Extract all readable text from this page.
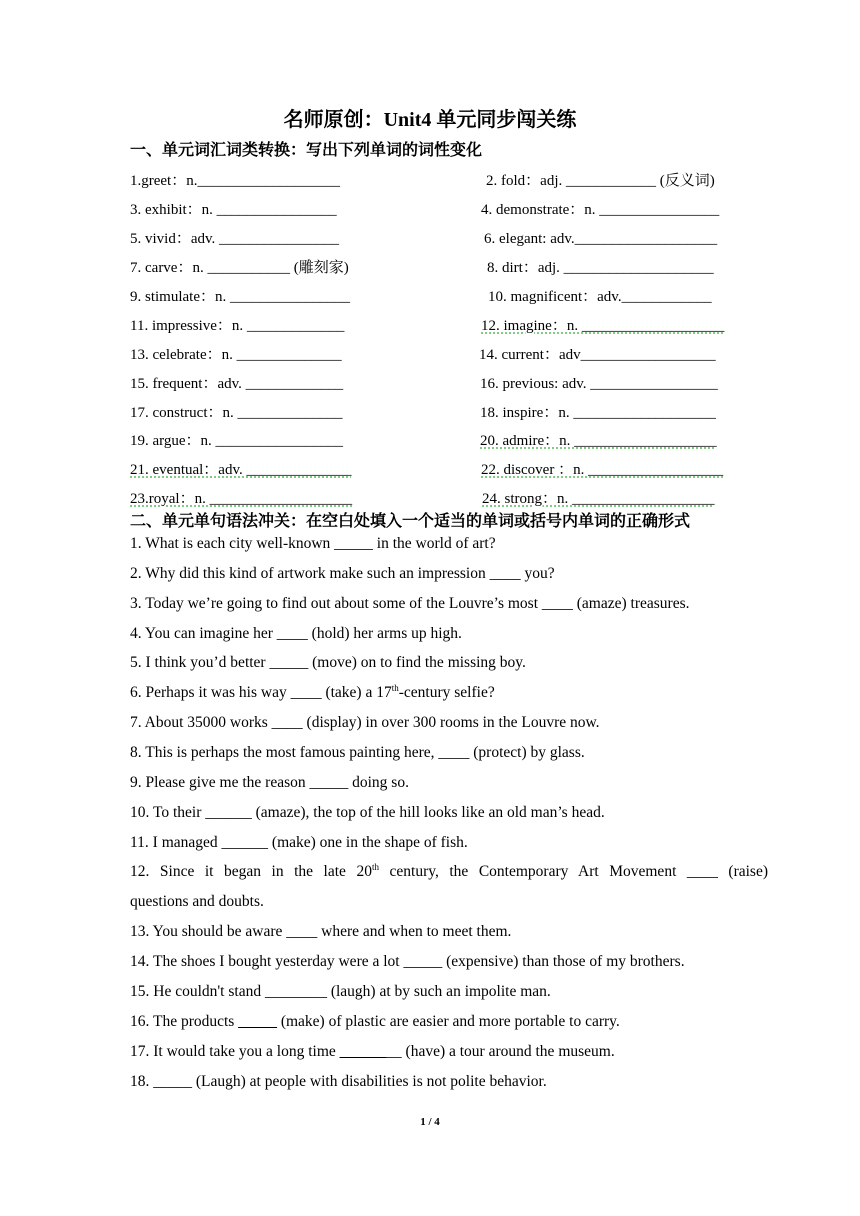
名师原创：Unit4 单元同步闯关练
一、单元词汇词类转换：写出下列单词的词性变化
1.greet：n.___________________	2. fold：adj. ____________ (反义词)
3. exhibit：n. ________________	4. demonstrate：n. ________________
5. vivid：adv. ________________	6. elegant: adv.___________________
7. carve：n. ___________ (雕刻家)	8. dirt：adj. ____________________
9. stimulate：n. ________________	10. magnificent：adv.____________
11. impressive：n. _____________	12. imagine：n. ___________________
13. celebrate：n. ______________	14. current：adv__________________
15. frequent：adv. _____________	16. previous: adv. _________________
17. construct：n. ______________	18. inspire：n. ___________________
19. argue：n. _________________	20. admire：n. ___________________
21. eventual：adv. ______________	22. discover ：n. __________________
23.royal：n. ___________________	24. strong：n. ___________________
二、单元单句语法冲关：在空白处填入一个适当的单词或括号内单词的正确形式
1. What is each city well-known _____ in the world of art?
2. Why did this kind of artwork make such an impression ____ you?
3. Today we’re going to find out about some of the Louvre’s most ____ (amaze) treasures.
4. You can imagine her ____ (hold) her arms up high.
5. I think you’d better _____ (move) on to find the missing boy.
6. Perhaps it was his way ____ (take) a 17th-century selfie?
7. About 35000 works ____ (display) in over 300 rooms in the Louvre now.
8. This is perhaps the most famous painting here, ____ (protect) by glass.
9. Please give me the reason _____ doing so.
10. To their ______ (amaze), the top of the hill looks like an old man’s head.
11. I managed ______ (make) one in the shape of fish.
12. Since it began in the late 20th century, the Contemporary Art Movement ____ (raise)
questions and doubts.
13. You should be aware ____ where and when to meet them.
14. The shoes I bought yesterday were a lot _____ (expensive) than those of my brothers.
15. He couldn't stand ________ (laugh) at by such an impolite man.
16. The products _____ (make) of plastic are easier and more portable to carry.
17. It would take you a long time ________ (have) a tour around the museum.
18. _____ (Laugh) at people with disabilities is not polite behavior.
1 / 4
